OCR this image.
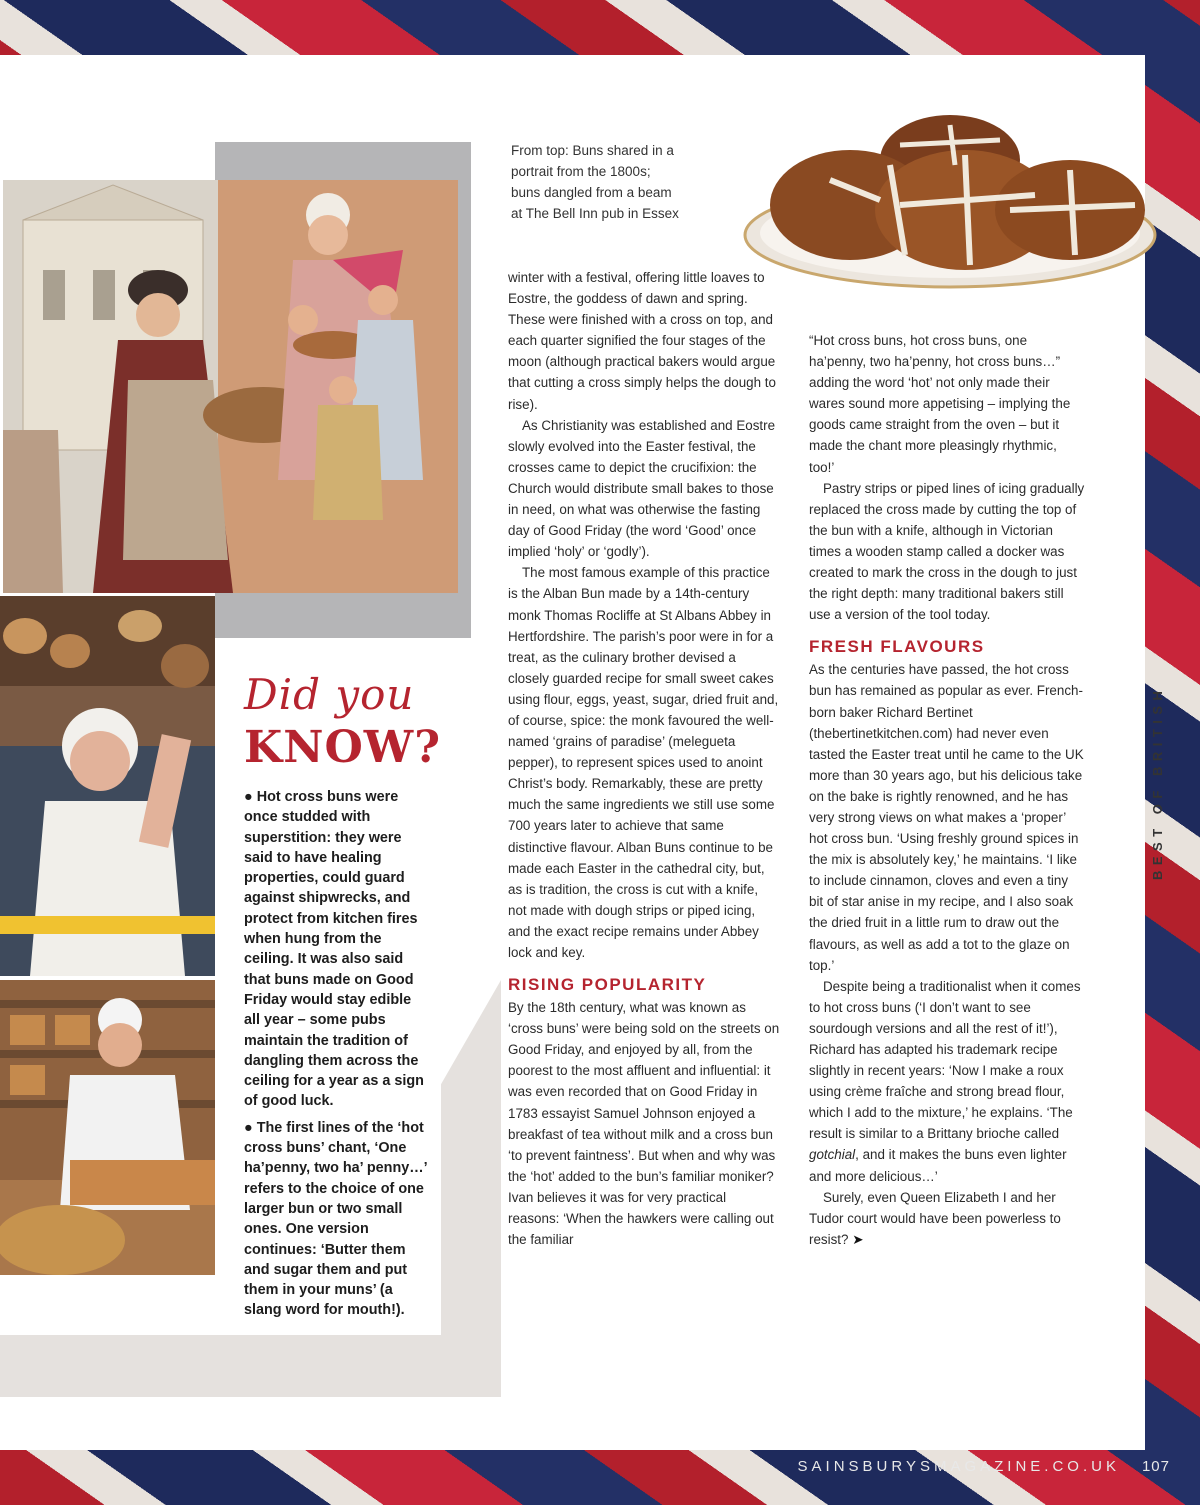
From top: Buns shared in a portrait from the 1800s; buns dangled from a beam at The Bell Inn pub in Essex
Did you
KNOW?

● Hot cross buns were once studded with superstition: they were said to have healing properties, could guard against shipwrecks, and protect from kitchen fires when hung from the ceiling. It was also said that buns made on Good Friday would stay edible all year – some pubs maintain the tradition of dangling them across the ceiling for a year as a sign of good luck.

● The first lines of the ‘hot cross buns’ chant, ‘One ha’penny, two ha’ penny…’ refers to the choice of one larger bun or two small ones. One version continues: ‘Butter them and sugar them and put them in your muns’ (a slang word for mouth!).

winter with a festival, offering little loaves to Eostre, the goddess of dawn and spring. These were finished with a cross on top, and each quarter signified the four stages of the moon (although practical bakers would argue that cutting a cross simply helps the dough to rise).

As Christianity was established and Eostre slowly evolved into the Easter festival, the crosses came to depict the crucifixion: the Church would distribute small bakes to those in need, on what was otherwise the fasting day of Good Friday (the word ‘Good’ once implied ‘holy’ or ‘godly’).

The most famous example of this practice is the Alban Bun made by a 14th-century monk Thomas Rocliffe at St Albans Abbey in Hertfordshire. The parish’s poor were in for a treat, as the culinary brother devised a closely guarded recipe for small sweet cakes using flour, eggs, yeast, sugar, dried fruit and, of course, spice: the monk favoured the well-named ‘grains of paradise’ (melegueta pepper), to represent spices used to anoint Christ’s body. Remarkably, these are pretty much the same ingredients we still use some 700 years later to achieve that same distinctive flavour. Alban Buns continue to be made each Easter in the cathedral city, but, as is tradition, the cross is cut with a knife, not made with dough strips or piped icing, and the exact recipe remains under Abbey lock and key.

RISING POPULARITY

By the 18th century, what was known as ‘cross buns’ were being sold on the streets on Good Friday, and enjoyed by all, from the poorest to the most affluent and influential: it was even recorded that on Good Friday in 1783 essayist Samuel Johnson enjoyed a breakfast of tea without milk and a cross bun ‘to prevent faintness’. But when and why was the ‘hot’ added to the bun’s familiar moniker? Ivan believes it was for very practical reasons: ‘When the hawkers were calling out the familiar

“Hot cross buns, hot cross buns, one ha’penny, two ha’penny, hot cross buns…” adding the word ‘hot’ not only made their wares sound more appetising – implying the goods came straight from the oven – but it made the chant more pleasingly rhythmic, too!’

Pastry strips or piped lines of icing gradually replaced the cross made by cutting the top of the bun with a knife, although in Victorian times a wooden stamp called a docker was created to mark the cross in the dough to just the right depth: many traditional bakers still use a version of the tool today.

FRESH FLAVOURS

As the centuries have passed, the hot cross bun has remained as popular as ever. French-born baker Richard Bertinet (thebertinetkitchen.com) had never even tasted the Easter treat until he came to the UK more than 30 years ago, but his delicious take on the bake is rightly renowned, and he has very strong views on what makes a ‘proper’ hot cross bun. ‘Using freshly ground spices in the mix is absolutely key,’ he maintains. ‘I like to include cinnamon, cloves and even a tiny bit of star anise in my recipe, and I also soak the dried fruit in a little rum to draw out the flavours, as well as add a tot to the glaze on top.’

Despite being a traditionalist when it comes to hot cross buns (‘I don’t want to see sourdough versions and all the rest of it!’), Richard has adapted his trademark recipe slightly in recent years: ‘Now I make a roux using crème fraîche and strong bread flour, which I add to the mixture,’ he explains. ‘The result is similar to a Brittany brioche called gotchial, and it makes the buns even lighter and more delicious…’

Surely, even Queen Elizabeth I and her Tudor court would have been powerless to resist? ➤

BEST OF BRITISH
SAINSBURYSMAGAZINE.CO.UK 107
